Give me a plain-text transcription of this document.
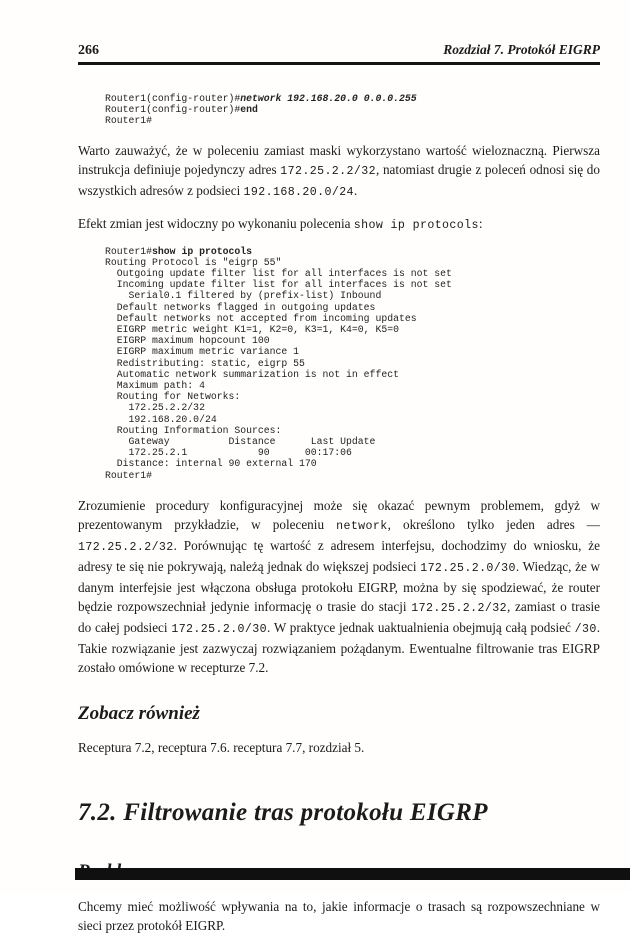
266	Rozdział 7. Protokół EIGRP
Router1(config-router)#network 192.168.20.0 0.0.0.255
Router1(config-router)#end
Router1#

Warto zauważyć, że w poleceniu zamiast maski wykorzystano wartość wieloznaczną. Pierwsza instrukcja definiuje pojedynczy adres 172.25.2.2/32, natomiast drugie z poleceń odnosi się do wszystkich adresów z podsieci 192.168.20.0/24.

Efekt zmian jest widoczny po wykonaniu polecenia show ip protocols:

Router1#show ip protocols
Routing Protocol is "eigrp 55"
Outgoing update filter list for all interfaces is not set
Incoming update filter list for all interfaces is not set
Serial0.1 filtered by (prefix-list) Inbound
Default networks flagged in outgoing updates
Default networks not accepted from incoming updates
EIGRP metric weight K1=1, K2=0, K3=1, K4=0, K5=0
EIGRP maximum hopcount 100
EIGRP maximum metric variance 1
Redistributing: static, eigrp 55
Automatic network summarization is not in effect
Maximum path: 4
Routing for Networks:
172.25.2.2/32
192.168.20.0/24
Routing Information Sources:
Gateway          Distance      Last Update
172.25.2.1            90      00:17:06
Distance: internal 90 external 170
Router1#

Zrozumienie procedury konfiguracyjnej może się okazać pewnym problemem, gdyż w prezentowanym przykładzie, w poleceniu network, określono tylko jeden adres — 172.25.2.2/32. Porównując tę wartość z adresem interfejsu, dochodzimy do wniosku, że adresy te się nie pokrywają, należą jednak do większej podsieci 172.25.2.0/30. Wiedząc, że w danym interfejsie jest włączona obsługa protokołu EIGRP, można by się spodziewać, że router będzie rozpowszechniał jedynie informację o trasie do stacji 172.25.2.2/32, zamiast o trasie do całej podsieci 172.25.2.0/30. W praktyce jednak uaktualnienia obejmują całą podsieć /30. Takie rozwiązanie jest zazwyczaj rozwiązaniem pożądanym. Ewentualne filtrowanie tras EIGRP zostało omówione w recepturze 7.2.

Zobacz również

Receptura 7.2, receptura 7.6. receptura 7.7, rozdział 5.

7.2. Filtrowanie tras protokołu EIGRP

Chcemy mieć możliwość wpływania na to, jakie informacje o trasach są rozpowszechniane w sieci przez protokół EIGRP.
